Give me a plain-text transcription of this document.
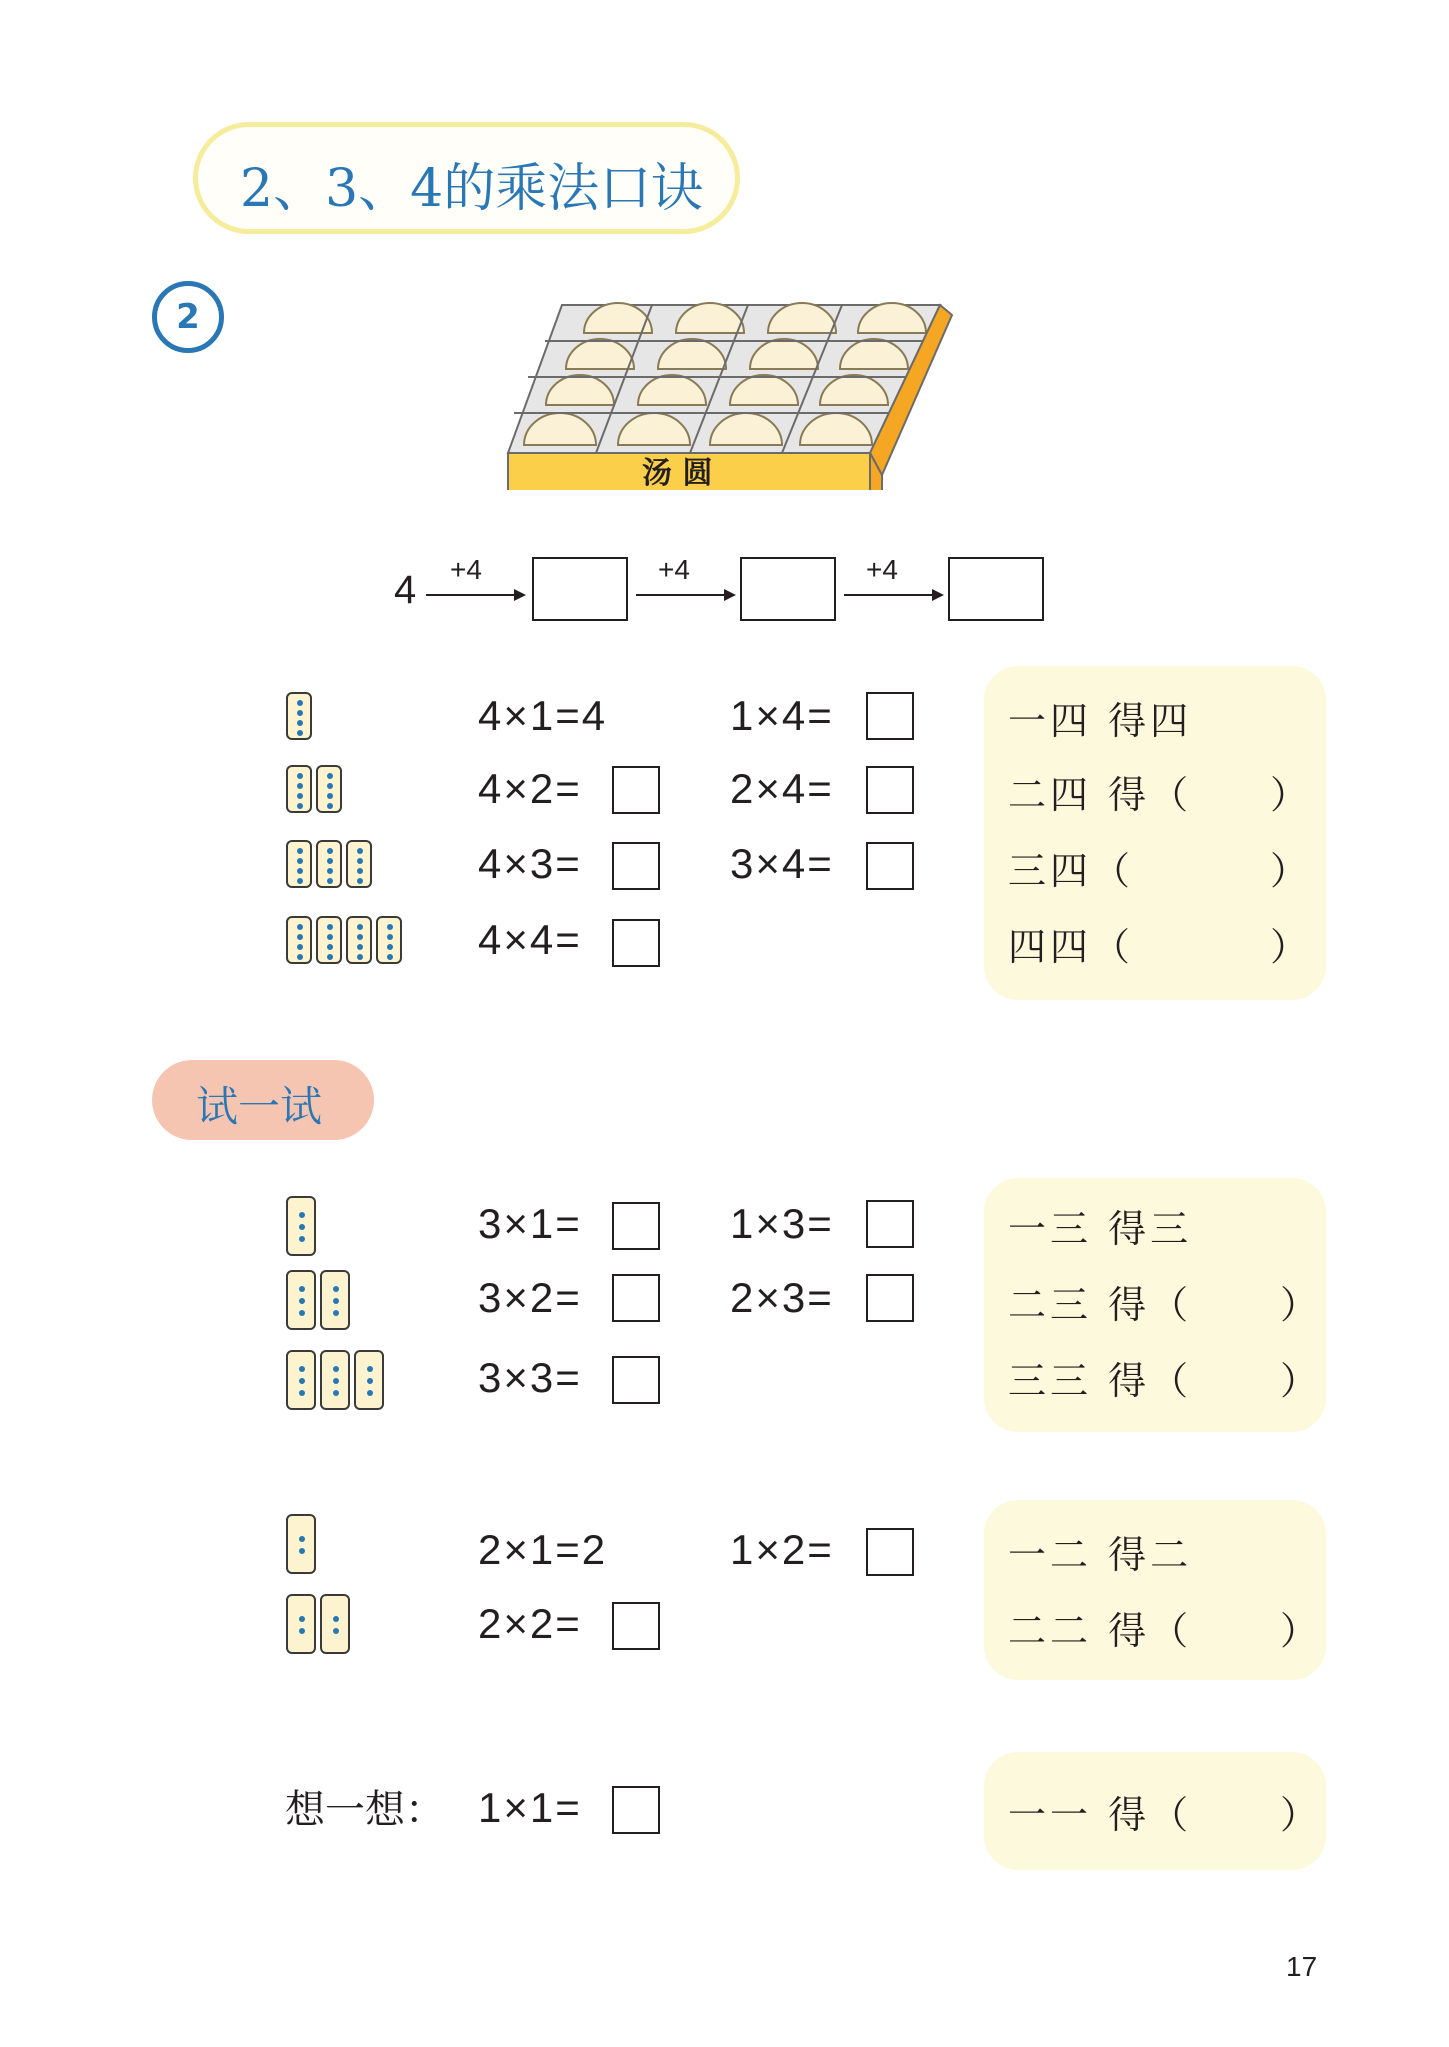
2、3、4的乘法口诀
2
汤 圆
4 +4	+4	+4
4×1=4	1×4=
4×2=	2×4=
4×3=	3×4=
4×4=
一四 得四
二四 得（ ）
三四（	）
四四（	）
试一试
3×1=	1×3=
3×2=	2×3=
3×3=
一三 得三
二三 得（ ）
三三 得（ ）
2×1=2	1×2=
2×2=
一二 得二
二二 得（ ）
想一想： 1×1=	一一 得（ ）
17
